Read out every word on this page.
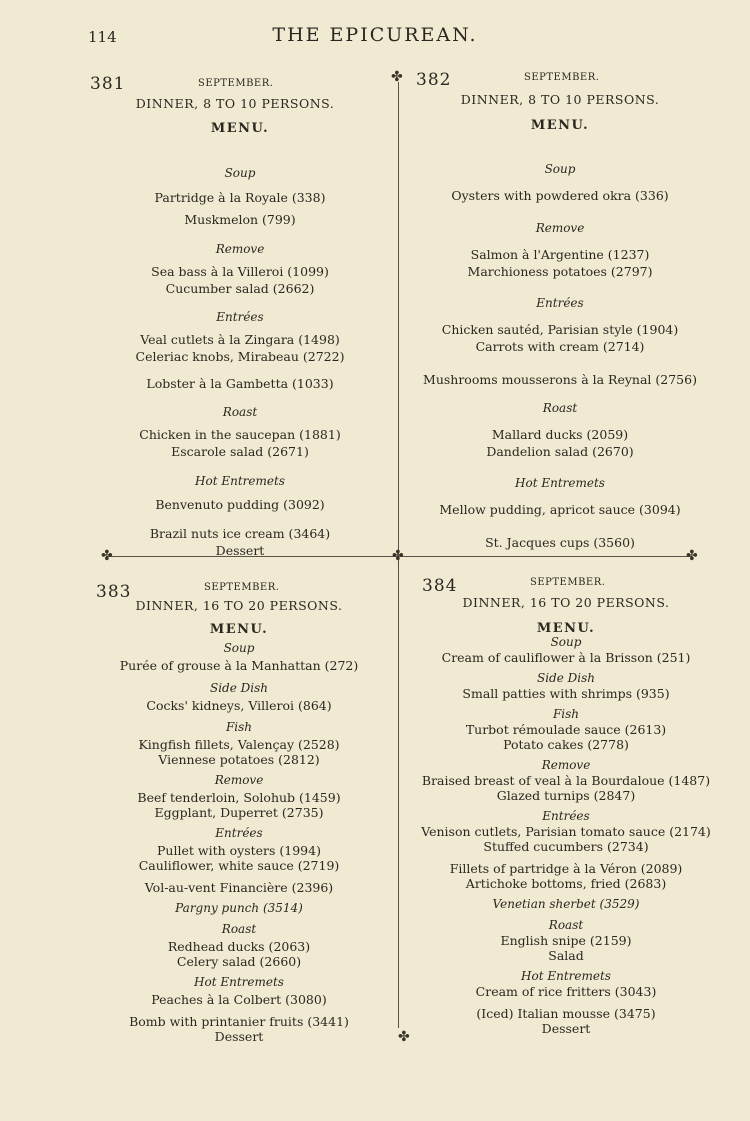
114	THE EPICUREAN.
✤
✤	✤	✤
✤
381	SEPTEMBER.
DINNER, 8 TO 10 PERSONS.
MENU.
Soup
Partridge à la Royale (338)
Muskmelon (799)
Remove
Sea bass à la Villeroi (1099)
Cucumber salad (2662)
Entrées
Veal cutlets à la Zingara (1498)
Celeriac knobs, Mirabeau (2722)
Lobster à la Gambetta (1033)
Roast
Chicken in the saucepan (1881)
Escarole salad (2671)
Hot Entremets
Benvenuto pudding (3092)
Brazil nuts ice cream (3464)
Dessert
382	SEPTEMBER.
DINNER, 8 TO 10 PERSONS.
MENU.
Soup
Oysters with powdered okra (336)
Remove
Salmon à l'Argentine (1237)
Marchioness potatoes (2797)
Entrées
Chicken sautéd, Parisian style (1904)
Carrots with cream (2714)
Mushrooms mousserons à la Reynal (2756)
Roast
Mallard ducks (2059)
Dandelion salad (2670)
Hot Entremets
Mellow pudding, apricot sauce (3094)
St. Jacques cups (3560)
383	SEPTEMBER.
DINNER, 16 TO 20 PERSONS.
MENU.
Soup
Purée of grouse à la Manhattan (272)
Side Dish
Cocks' kidneys, Villeroi (864)
Fish
Kingfish fillets, Valençay (2528)
Viennese potatoes (2812)
Remove
Beef tenderloin, Solohub (1459)
Eggplant, Duperret (2735)
Entrées
Pullet with oysters (1994)
Cauliflower, white sauce (2719)
Vol-au-vent Financière (2396)
Pargny punch (3514)
Roast
Redhead ducks (2063)
Celery salad (2660)
Hot Entremets
Peaches à la Colbert (3080)
Bomb with printanier fruits (3441)
Dessert
384	SEPTEMBER.
DINNER, 16 TO 20 PERSONS.
MENU.
Soup
Cream of cauliflower à la Brisson (251)
Side Dish
Small patties with shrimps (935)
Fish
Turbot rémoulade sauce (2613)
Potato cakes (2778)
Remove
Braised breast of veal à la Bourdaloue (1487)
Glazed turnips (2847)
Entrées
Venison cutlets, Parisian tomato sauce (2174)
Stuffed cucumbers (2734)
Fillets of partridge à la Véron (2089)
Artichoke bottoms, fried (2683)
Venetian sherbet (3529)
Roast
English snipe (2159)
Salad
Hot Entremets
Cream of rice fritters (3043)
(Iced) Italian mousse (3475)
Dessert
